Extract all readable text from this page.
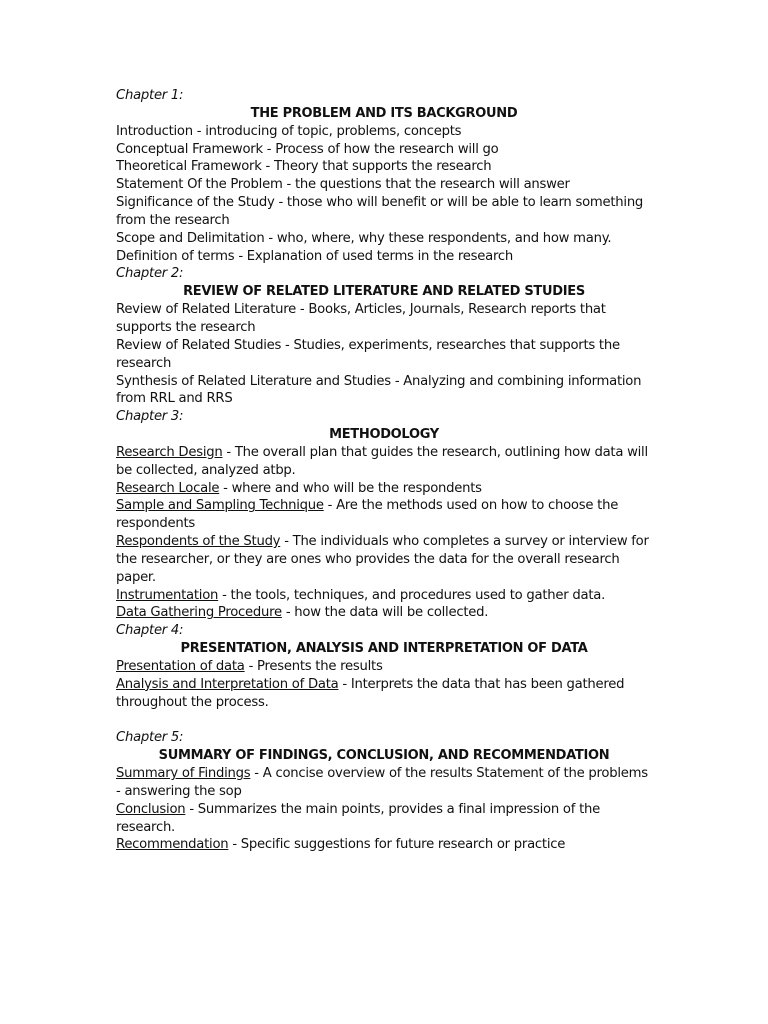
Chapter 1:
THE PROBLEM AND ITS BACKGROUND
Introduction - introducing of topic, problems, concepts
Conceptual Framework - Process of how the research will go
Theoretical Framework - Theory that supports the research
Statement Of the Problem - the questions that the research will answer
Significance of the Study - those who will benefit or will be able to learn something from the research
Scope and Delimitation - who, where, why these respondents, and how many.
Definition of terms - Explanation of used terms in the research
Chapter 2:
REVIEW OF RELATED LITERATURE AND RELATED STUDIES
Review of Related Literature - Books, Articles, Journals, Research reports that supports the research
Review of Related Studies - Studies, experiments, researches that supports the research
Synthesis of Related Literature and Studies - Analyzing and combining information from RRL and RRS
Chapter 3:
METHODOLOGY
Research Design - The overall plan that guides the research, outlining how data will be collected, analyzed atbp.
Research Locale - where and who will be the respondents
Sample and Sampling Technique - Are the methods used on how to choose the respondents
Respondents of the Study - The individuals who completes a survey or interview for the researcher, or they are ones who provides the data for the overall research paper.
Instrumentation - the tools, techniques, and procedures used to gather data.
Data Gathering Procedure - how the data will be collected.
Chapter 4:
PRESENTATION, ANALYSIS AND INTERPRETATION OF DATA
Presentation of data - Presents the results
Analysis and Interpretation of Data - Interprets the data that has been gathered throughout the process.
Chapter 5:
SUMMARY OF FINDINGS, CONCLUSION, AND RECOMMENDATION
Summary of Findings - A concise overview of the results Statement of the problems - answering the sop
Conclusion - Summarizes the main points, provides a final impression of the research.
Recommendation - Specific suggestions for future research or practice
